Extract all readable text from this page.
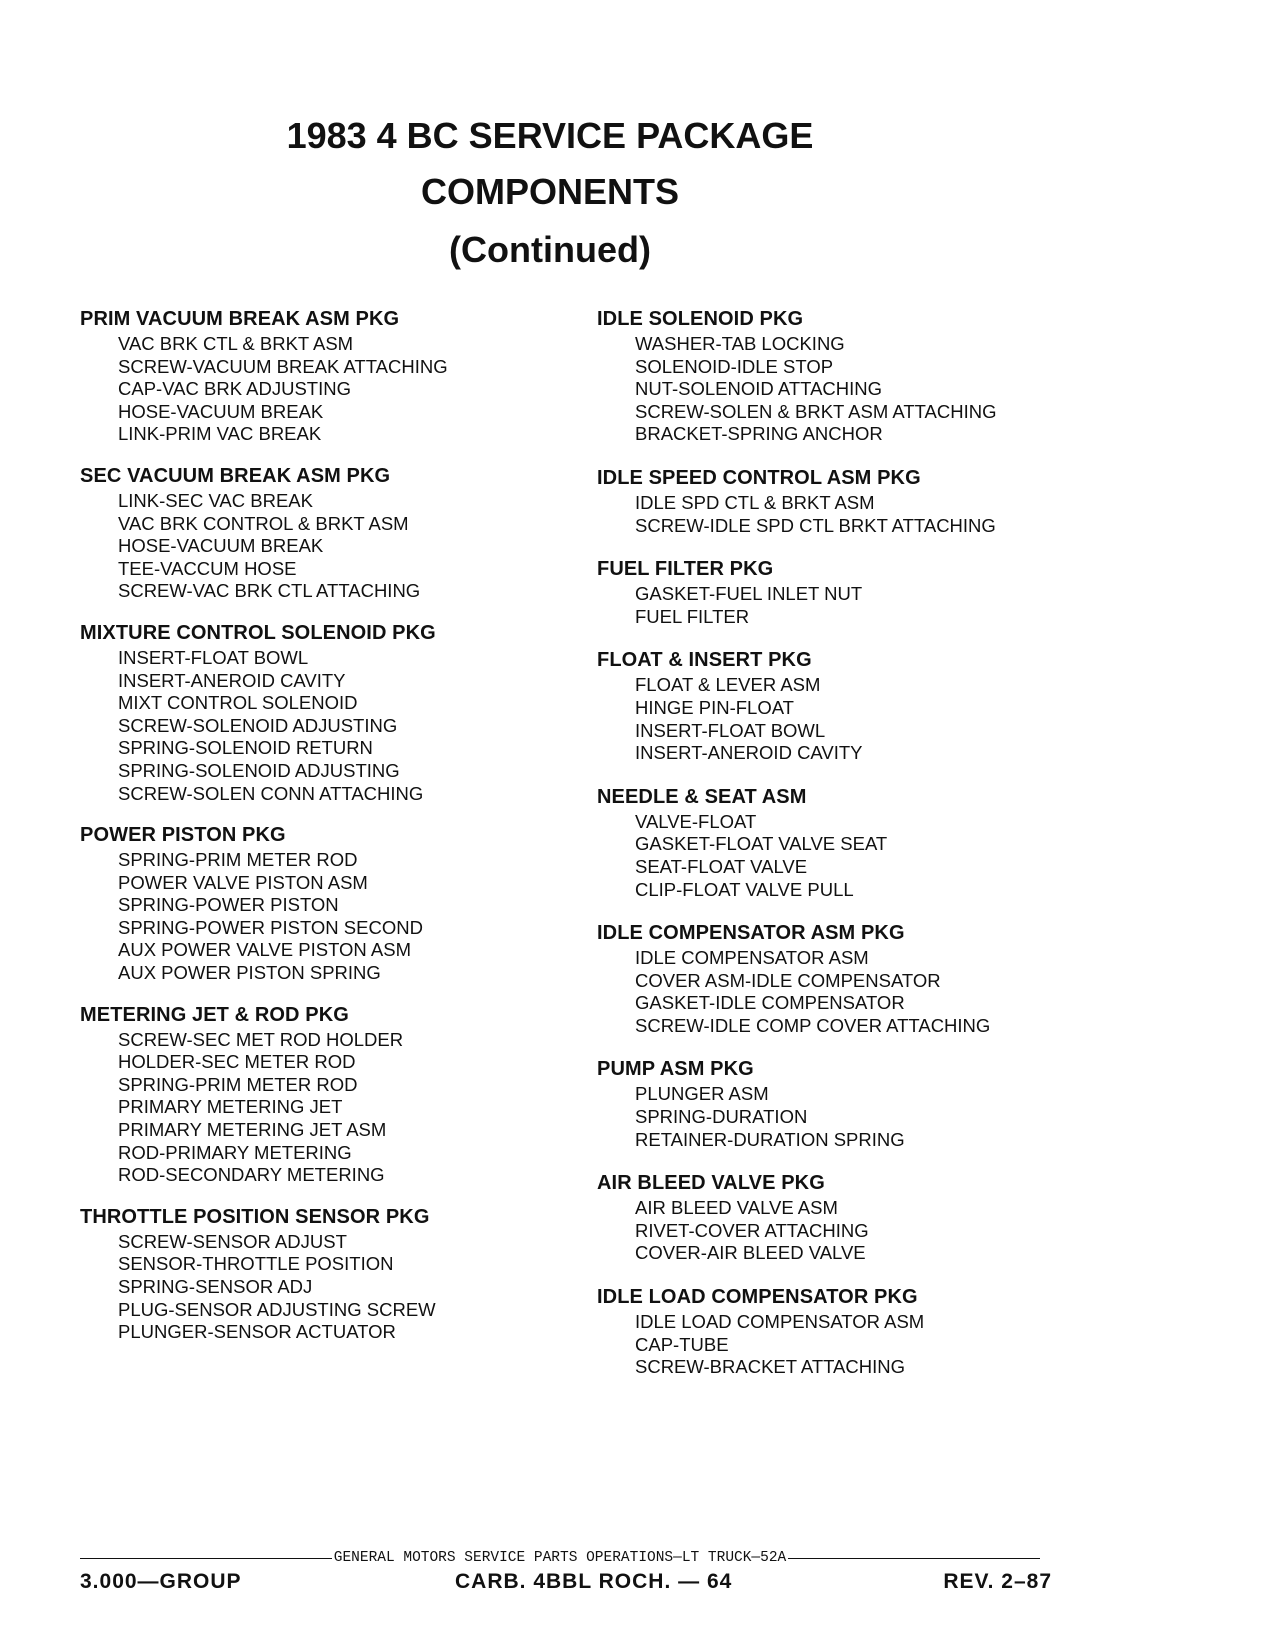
1983 4 BC SERVICE PACKAGE
COMPONENTS
(Continued)
PRIM VACUUM BREAK ASM PKG
VAC BRK CTL & BRKT ASM
SCREW-VACUUM BREAK ATTACHING
CAP-VAC BRK ADJUSTING
HOSE-VACUUM BREAK
LINK-PRIM VAC BREAK
SEC VACUUM BREAK ASM PKG
LINK-SEC VAC BREAK
VAC BRK CONTROL & BRKT ASM
HOSE-VACUUM BREAK
TEE-VACCUM HOSE
SCREW-VAC BRK CTL ATTACHING
MIXTURE CONTROL SOLENOID PKG
INSERT-FLOAT BOWL
INSERT-ANEROID CAVITY
MIXT CONTROL SOLENOID
SCREW-SOLENOID ADJUSTING
SPRING-SOLENOID RETURN
SPRING-SOLENOID ADJUSTING
SCREW-SOLEN CONN ATTACHING
POWER PISTON PKG
SPRING-PRIM METER ROD
POWER VALVE PISTON ASM
SPRING-POWER PISTON
SPRING-POWER PISTON SECOND
AUX POWER VALVE PISTON ASM
AUX POWER PISTON SPRING
METERING JET & ROD PKG
SCREW-SEC MET ROD HOLDER
HOLDER-SEC METER ROD
SPRING-PRIM METER ROD
PRIMARY METERING JET
PRIMARY METERING JET ASM
ROD-PRIMARY METERING
ROD-SECONDARY METERING
THROTTLE POSITION SENSOR PKG
SCREW-SENSOR ADJUST
SENSOR-THROTTLE POSITION
SPRING-SENSOR ADJ
PLUG-SENSOR ADJUSTING SCREW
PLUNGER-SENSOR ACTUATOR
IDLE SOLENOID PKG
WASHER-TAB LOCKING
SOLENOID-IDLE STOP
NUT-SOLENOID ATTACHING
SCREW-SOLEN & BRKT ASM ATTACHING
BRACKET-SPRING ANCHOR
IDLE SPEED CONTROL ASM PKG
IDLE SPD CTL & BRKT ASM
SCREW-IDLE SPD CTL BRKT ATTACHING
FUEL FILTER PKG
GASKET-FUEL INLET NUT
FUEL FILTER
FLOAT & INSERT PKG
FLOAT & LEVER ASM
HINGE PIN-FLOAT
INSERT-FLOAT BOWL
INSERT-ANEROID CAVITY
NEEDLE & SEAT ASM
VALVE-FLOAT
GASKET-FLOAT VALVE SEAT
SEAT-FLOAT VALVE
CLIP-FLOAT VALVE PULL
IDLE COMPENSATOR ASM PKG
IDLE COMPENSATOR ASM
COVER ASM-IDLE COMPENSATOR
GASKET-IDLE COMPENSATOR
SCREW-IDLE COMP COVER ATTACHING
PUMP ASM PKG
PLUNGER ASM
SPRING-DURATION
RETAINER-DURATION SPRING
AIR BLEED VALVE PKG
AIR BLEED VALVE ASM
RIVET-COVER ATTACHING
COVER-AIR BLEED VALVE
IDLE LOAD COMPENSATOR PKG
IDLE LOAD COMPENSATOR ASM
CAP-TUBE
SCREW-BRACKET ATTACHING
GENERAL MOTORS SERVICE PARTS OPERATIONS—LT TRUCK—52A
3.000—GROUP	CARB. 4BBL ROCH. — 64	REV. 2–87
